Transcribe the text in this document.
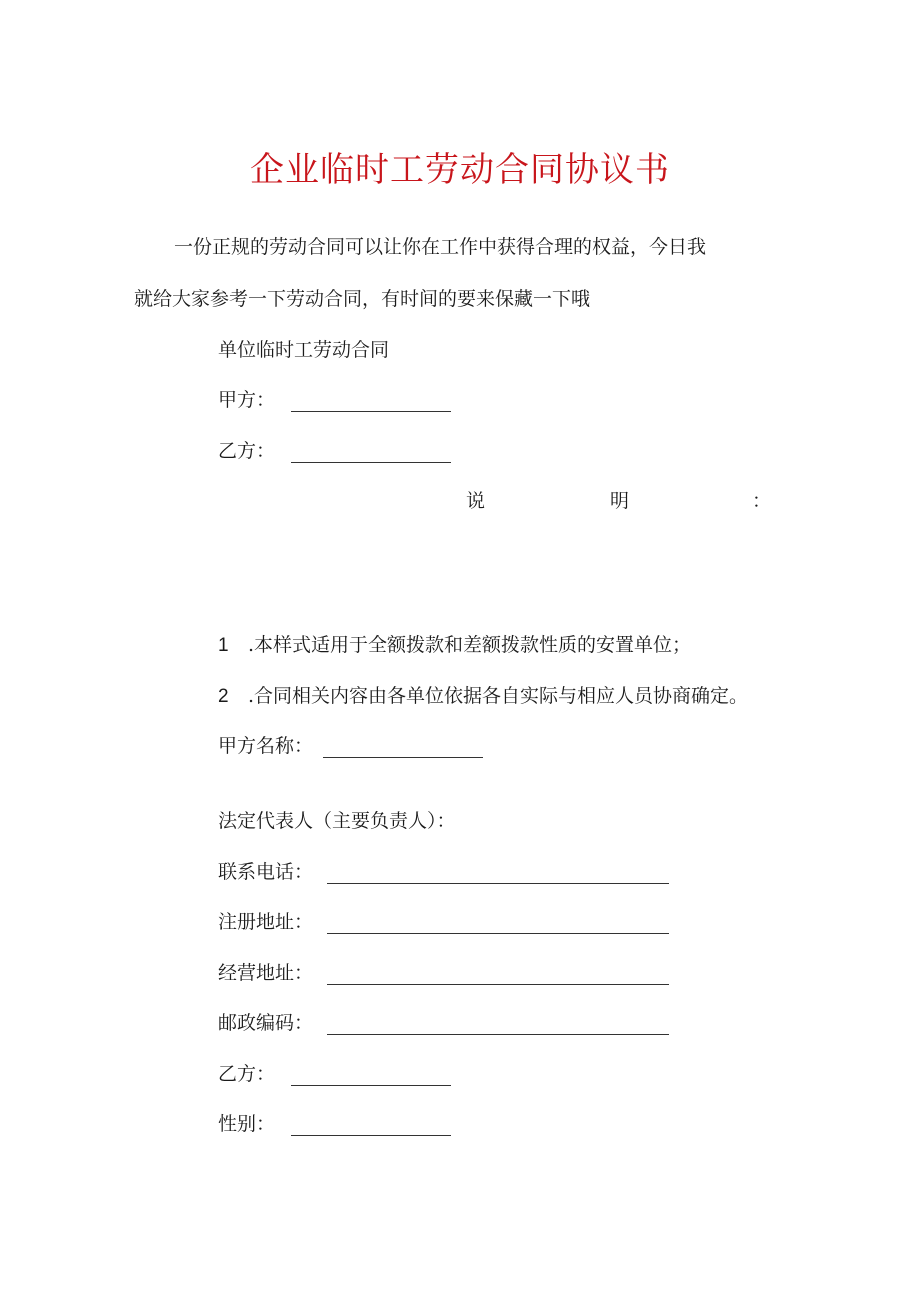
企业临时工劳动合同协议书
一份正规的劳动合同可以让你在工作中获得合理的权益，今日我
就给大家参考一下劳动合同，有时间的要来保藏一下哦
单位临时工劳动合同
甲方：
乙方：
说	明	：
1 .本样式适用于全额拨款和差额拨款性质的安置单位；
2 .合同相关内容由各单位依据各自实际与相应人员协商确定。
甲方名称：
法定代表人（主要负责人）：
联系电话：
注册地址：
经营地址：
邮政编码：
乙方：
性别：
